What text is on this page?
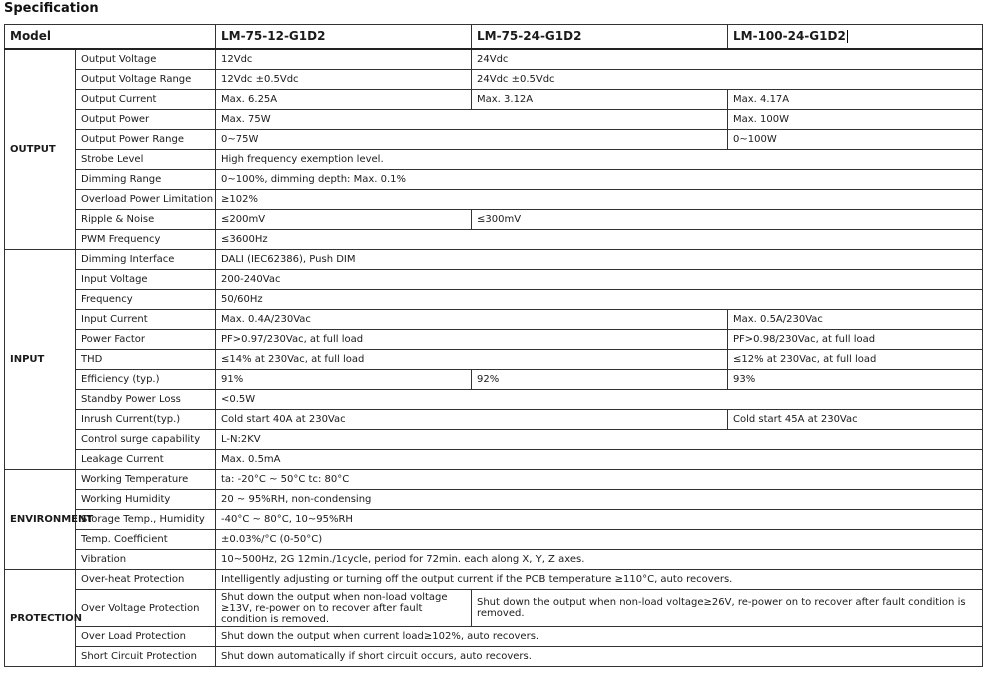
Specification
Model		LM-75-12-G1D2	LM-75-24-G1D2	LM-100-24-G1D2
OUTPUT	Output Voltage	12Vdc	24Vdc	
	Output Voltage Range	12Vdc ±0.5Vdc	24Vdc ±0.5Vdc	
	Output Current	Max. 6.25A	Max. 3.12A	Max. 4.17A
	Output Power	Max. 75W		Max. 100W
	Output Power Range	0~75W		0~100W
	Strobe Level	High frequency exemption level.		
	Dimming Range	0~100%, dimming depth: Max. 0.1%		
	Overload Power Limitation	≥102%		
	Ripple & Noise	≤200mV	≤300mV	
	PWM Frequency	≤3600Hz		
INPUT	Dimming Interface	DALI (IEC62386), Push DIM		
	Input Voltage	200-240Vac		
	Frequency	50/60Hz		
	Input Current	Max. 0.4A/230Vac		Max. 0.5A/230Vac
	Power Factor	PF>0.97/230Vac, at full load		PF>0.98/230Vac, at full load
	THD	≤14% at 230Vac, at full load		≤12% at 230Vac, at full load
	Efficiency (typ.)	91%	92%	93%
	Standby Power Loss	<0.5W		
	Inrush Current(typ.)	Cold start 40A at 230Vac		Cold start 45A at 230Vac
	Control surge capability	L-N:2KV		
	Leakage Current	Max. 0.5mA		
ENVIRONMENT	Working Temperature	ta: -20°C ~ 50°C tc: 80°C		
	Working Humidity	20 ~ 95%RH, non-condensing		
	Storage Temp., Humidity	-40°C ~ 80°C, 10~95%RH		
	Temp. Coefficient	±0.03%/°C (0-50°C)		
	Vibration	10~500Hz, 2G 12min./1cycle, period for 72min. each along X, Y, Z axes.		
PROTECTION	Over-heat Protection	Intelligently adjusting or turning off the output current if the PCB temperature ≥110°C, auto recovers.		
	Over Voltage Protection	Shut down the output when non-load voltage ≥13V, re-power on to recover after fault condition is removed.	Shut down the output when non-load voltage≥26V, re-power on to recover after fault condition is removed.	
	Over Load Protection	Shut down the output when current load≥102%, auto recovers.		
	Short Circuit Protection	Shut down automatically if short circuit occurs, auto recovers.		
